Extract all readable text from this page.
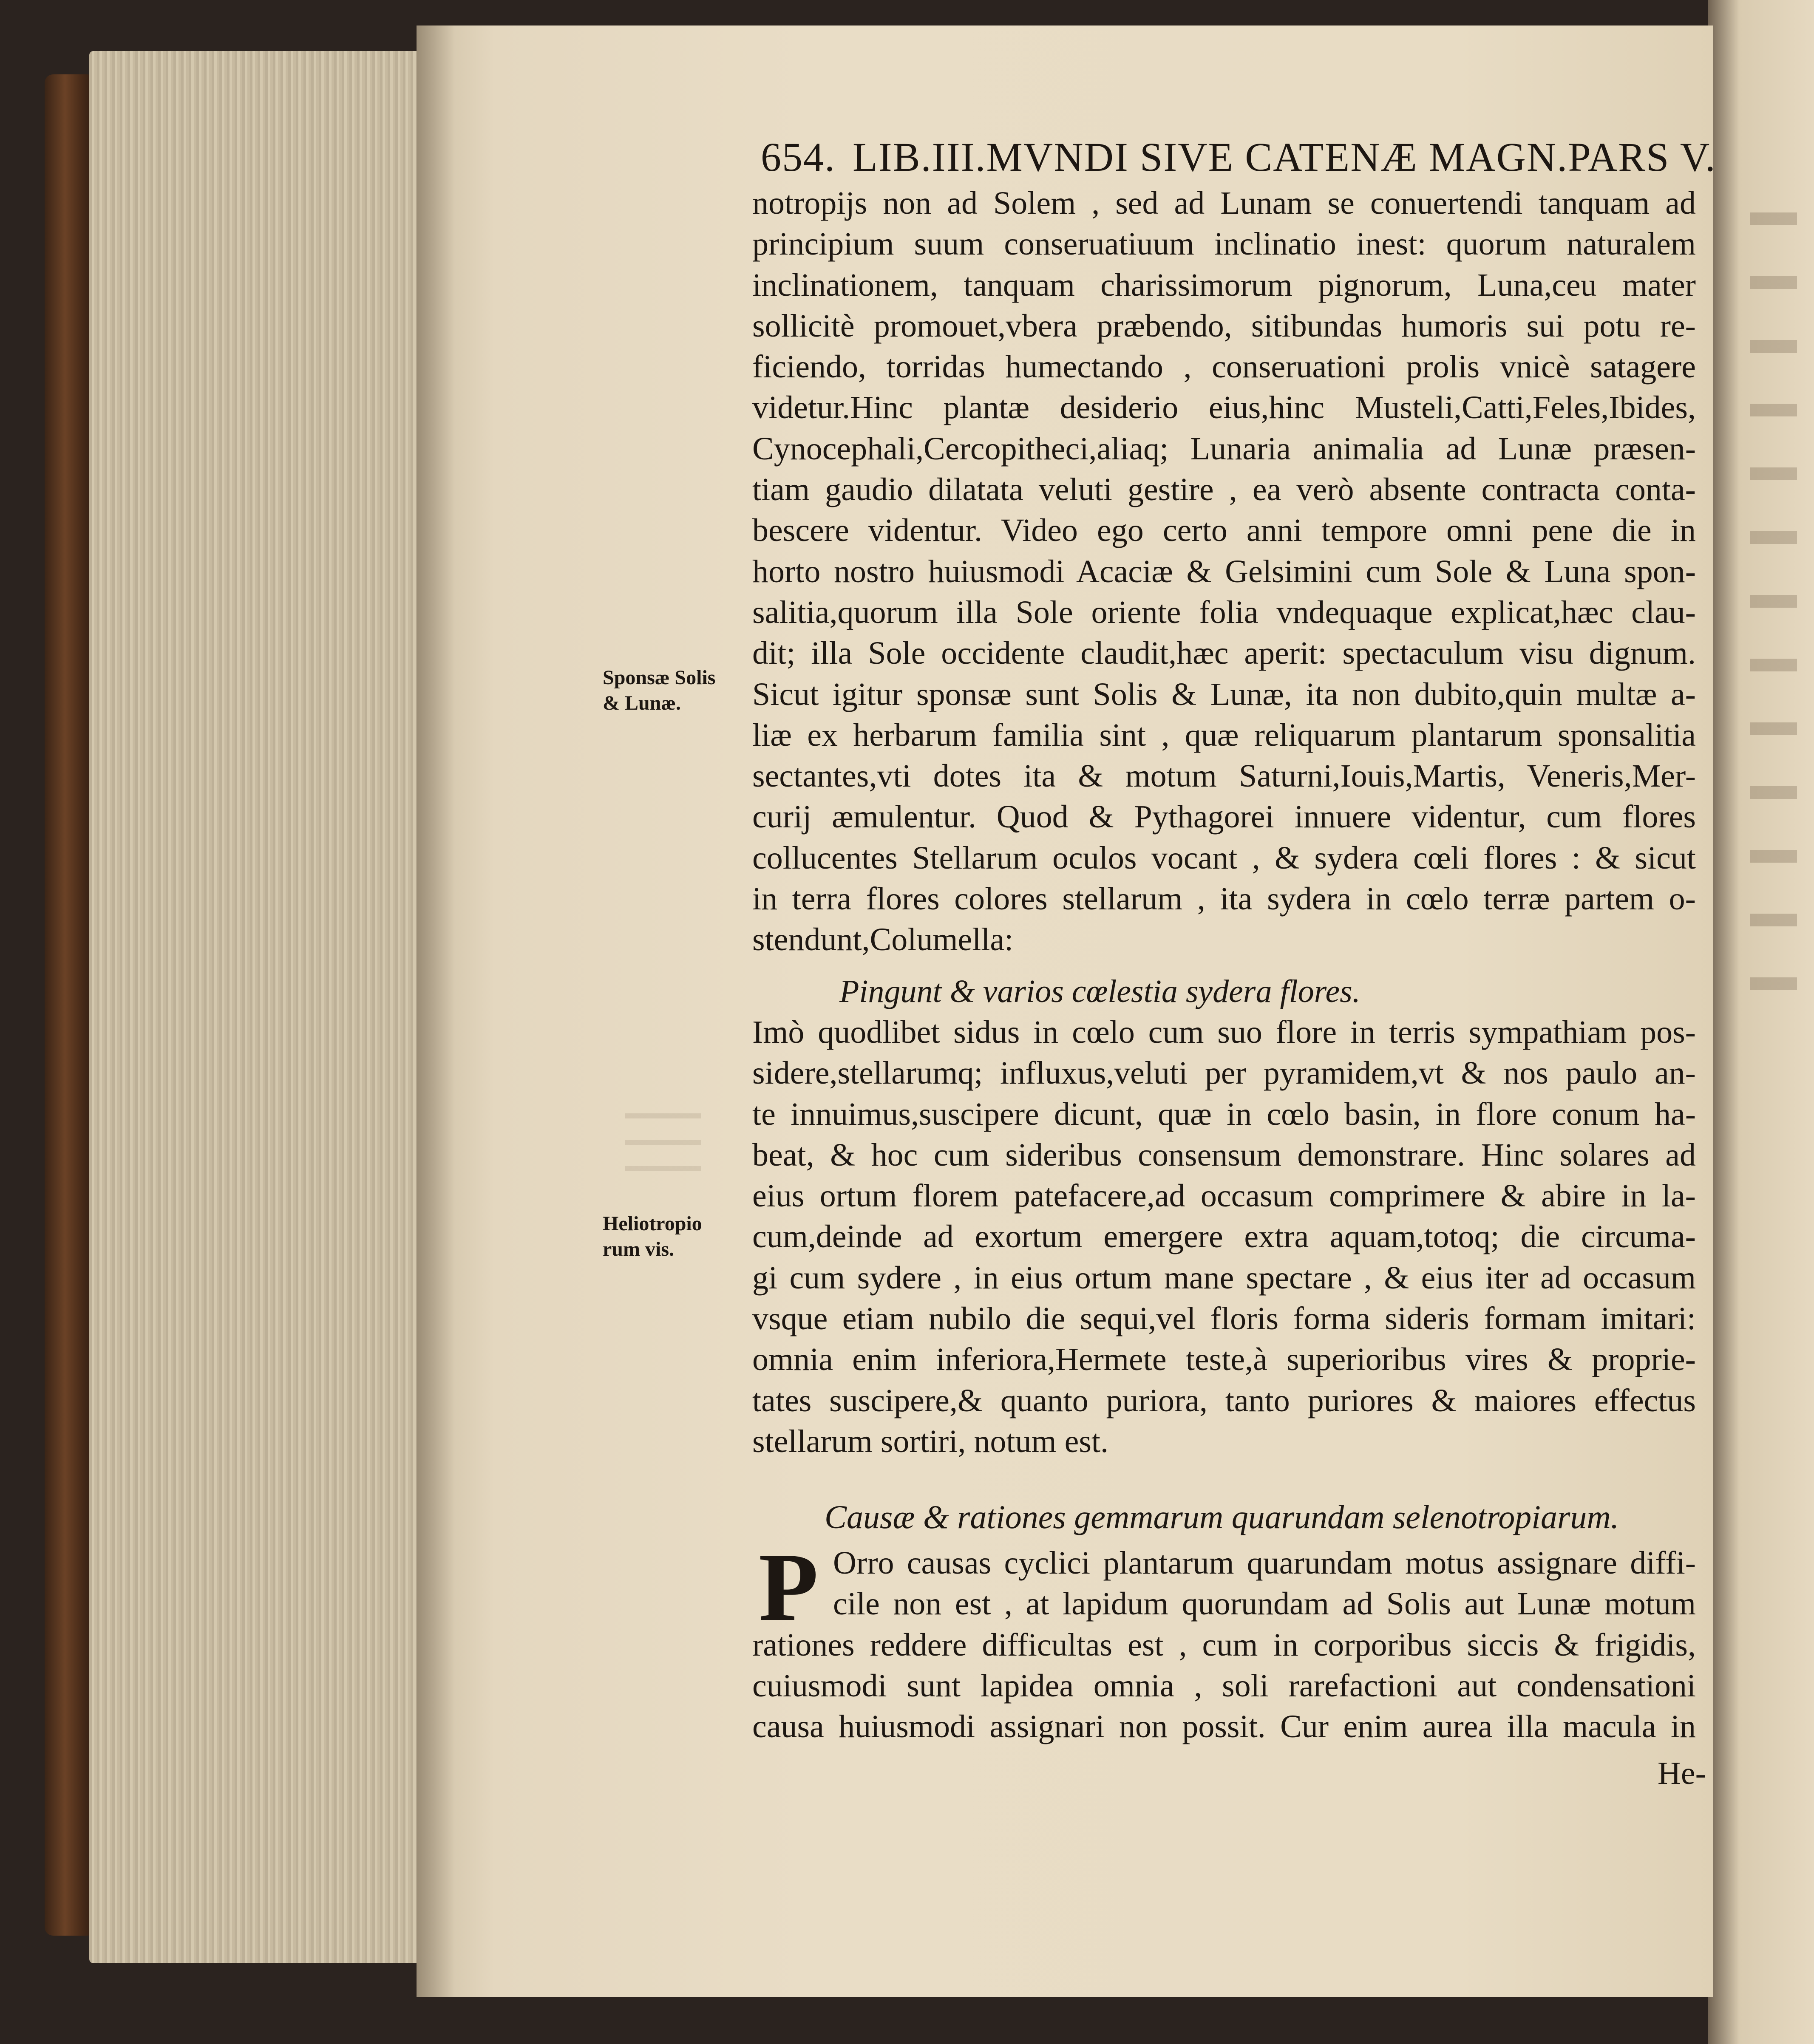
654. LIB.III.MVNDI SIVE CATENÆ MAGN.PARS V.
Sponsæ Solis
& Lunæ.
Heliotropio
rum vis.
notropijs non ad Solem , sed ad Lunam se conuertendi tanquam ad
principium suum conseruatiuum inclinatio inest: quorum naturalem
inclinationem, tanquam charissimorum pignorum, Luna,ceu mater
sollicitè promouet,vbera præbendo, sitibundas humoris sui potu re-
ficiendo, torridas humectando , conseruationi prolis vnicè satagere
videtur.Hinc plantæ desiderio eius,hinc Musteli,Catti,Feles,Ibides,
Cynocephali,Cercopitheci,aliaq; Lunaria animalia ad Lunæ præsen-
tiam gaudio dilatata veluti gestire , ea verò absente contracta conta-
bescere videntur. Video ego certo anni tempore omni pene die in
horto nostro huiusmodi Acaciæ & Gelsimini cum Sole & Luna spon-
salitia,quorum illa Sole oriente folia vndequaque explicat,hæc clau-
dit; illa Sole occidente claudit,hæc aperit: spectaculum visu dignum.
Sicut igitur sponsæ sunt Solis & Lunæ, ita non dubito,quin multæ a-
liæ ex herbarum familia sint , quæ reliquarum plantarum sponsalitia
sectantes,vti dotes ita & motum Saturni,Iouis,Martis, Veneris,Mer-
curij æmulentur. Quod & Pythagorei innuere videntur, cum flores
collucentes Stellarum oculos vocant , & sydera cœli flores : & sicut
in terra flores colores stellarum , ita sydera in cœlo terræ partem o-
stendunt,Columella:
Pingunt & varios cœlestia sydera flores.
Imò quodlibet sidus in cœlo cum suo flore in terris sympathiam pos-
sidere,stellarumq; influxus,veluti per pyramidem,vt & nos paulo an-
te innuimus,suscipere dicunt, quæ in cœlo basin, in flore conum ha-
beat, & hoc cum sideribus consensum demonstrare. Hinc solares ad
eius ortum florem patefacere,ad occasum comprimere & abire in la-
cum,deinde ad exortum emergere extra aquam,totoq; die circuma-
gi cum sydere , in eius ortum mane spectare , & eius iter ad occasum
vsque etiam nubilo die sequi,vel floris forma sideris formam imitari:
omnia enim inferiora,Hermete teste,à superioribus vires & proprie-
tates suscipere,& quanto puriora, tanto puriores & maiores effectus
stellarum sortiri, notum est.
Causæ & rationes gemmarum quarundam selenotropiarum.
P Orro causas cyclici plantarum quarundam motus assignare diffi-
cile non est , at lapidum quorundam ad Solis aut Lunæ motum
rationes reddere difficultas est , cum in corporibus siccis & frigidis,
cuiusmodi sunt lapidea omnia , soli rarefactioni aut condensationi
causa huiusmodi assignari non possit. Cur enim aurea illa macula in
He-
